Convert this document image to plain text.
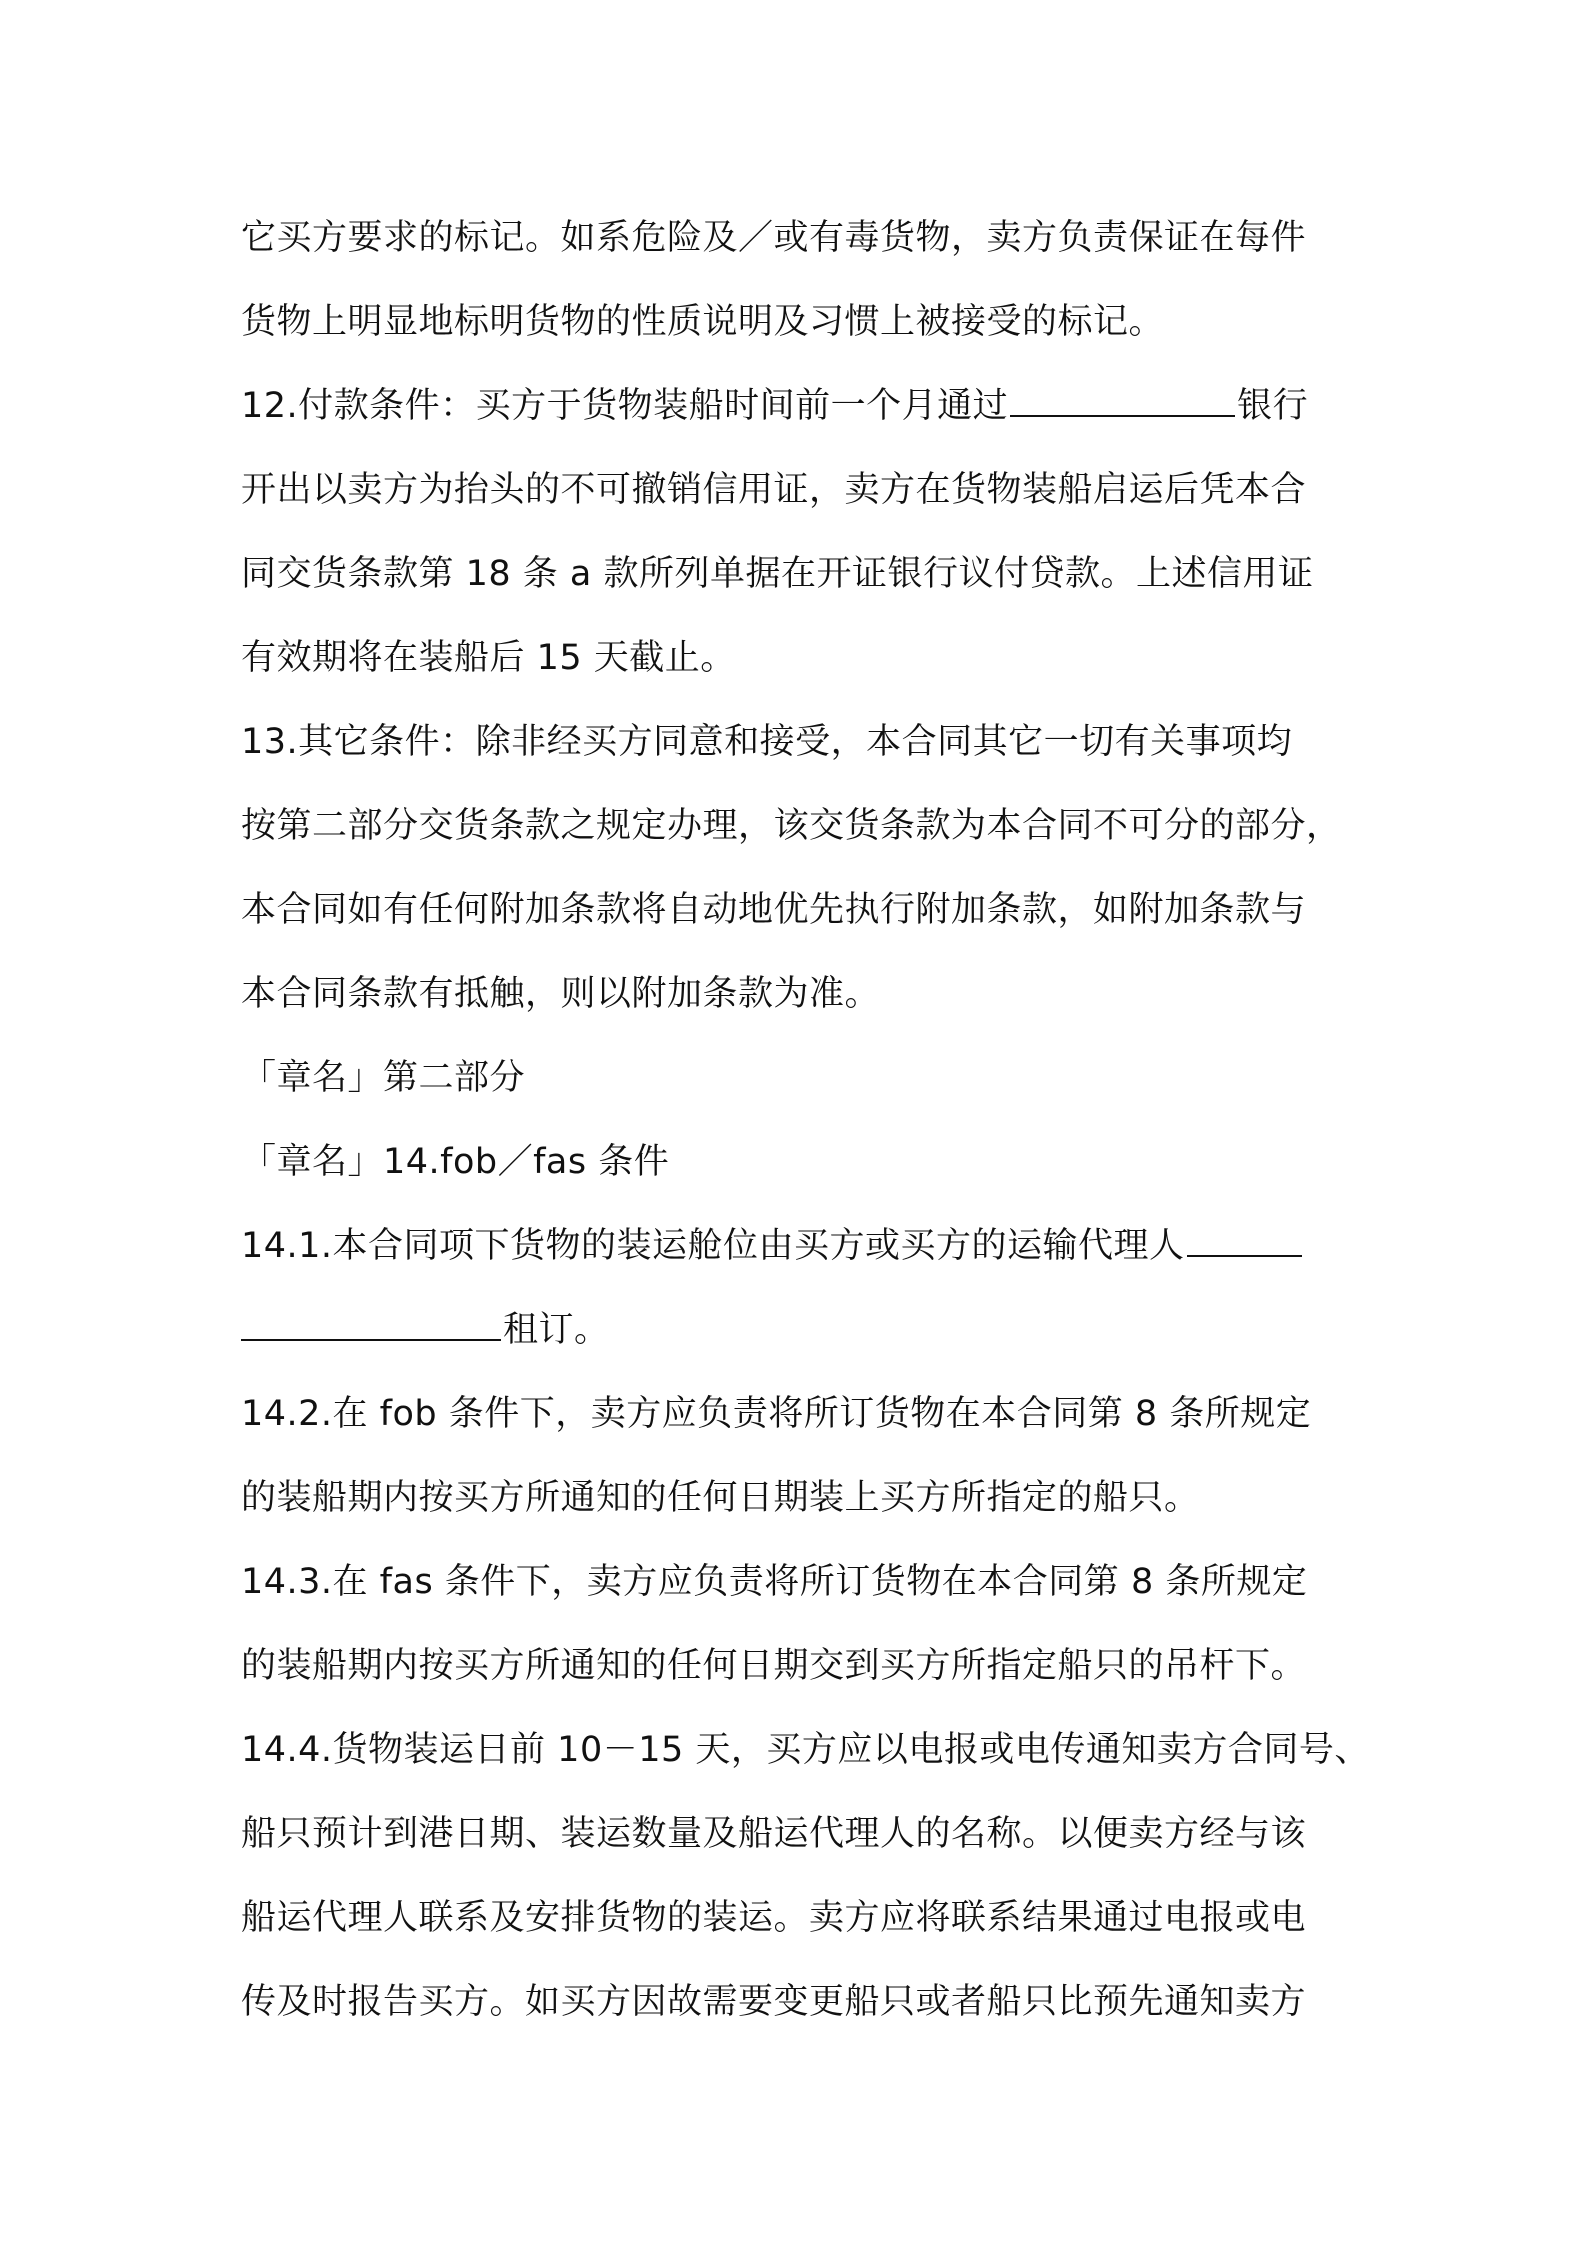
它买方要求的标记。如系危险及／或有毒货物，卖方负责保证在每件
货物上明显地标明货物的性质说明及习惯上被接受的标记。
12.付款条件：买方于货物装船时间前一个月通过	银行
开出以卖方为抬头的不可撤销信用证，卖方在货物装船启运后凭本合
同交货条款第 18 条 a 款所列单据在开证银行议付贷款。上述信用证
有效期将在装船后 15 天截止。
13.其它条件：除非经买方同意和接受，本合同其它一切有关事项均
按第二部分交货条款之规定办理，该交货条款为本合同不可分的部分，
本合同如有任何附加条款将自动地优先执行附加条款，如附加条款与
本合同条款有抵触，则以附加条款为准。
「章名」第二部分
「章名」14.fob／fas 条件
14.1.本合同项下货物的装运舱位由买方或买方的运输代理人
租订。
14.2.在 fob 条件下，卖方应负责将所订货物在本合同第 8 条所规定
的装船期内按买方所通知的任何日期装上买方所指定的船只。
14.3.在 fas 条件下，卖方应负责将所订货物在本合同第 8 条所规定
的装船期内按买方所通知的任何日期交到买方所指定船只的吊杆下。
14.4.货物装运日前 10－15 天，买方应以电报或电传通知卖方合同号、
船只预计到港日期、装运数量及船运代理人的名称。以便卖方经与该
船运代理人联系及安排货物的装运。卖方应将联系结果通过电报或电
传及时报告买方。如买方因故需要变更船只或者船只比预先通知卖方
